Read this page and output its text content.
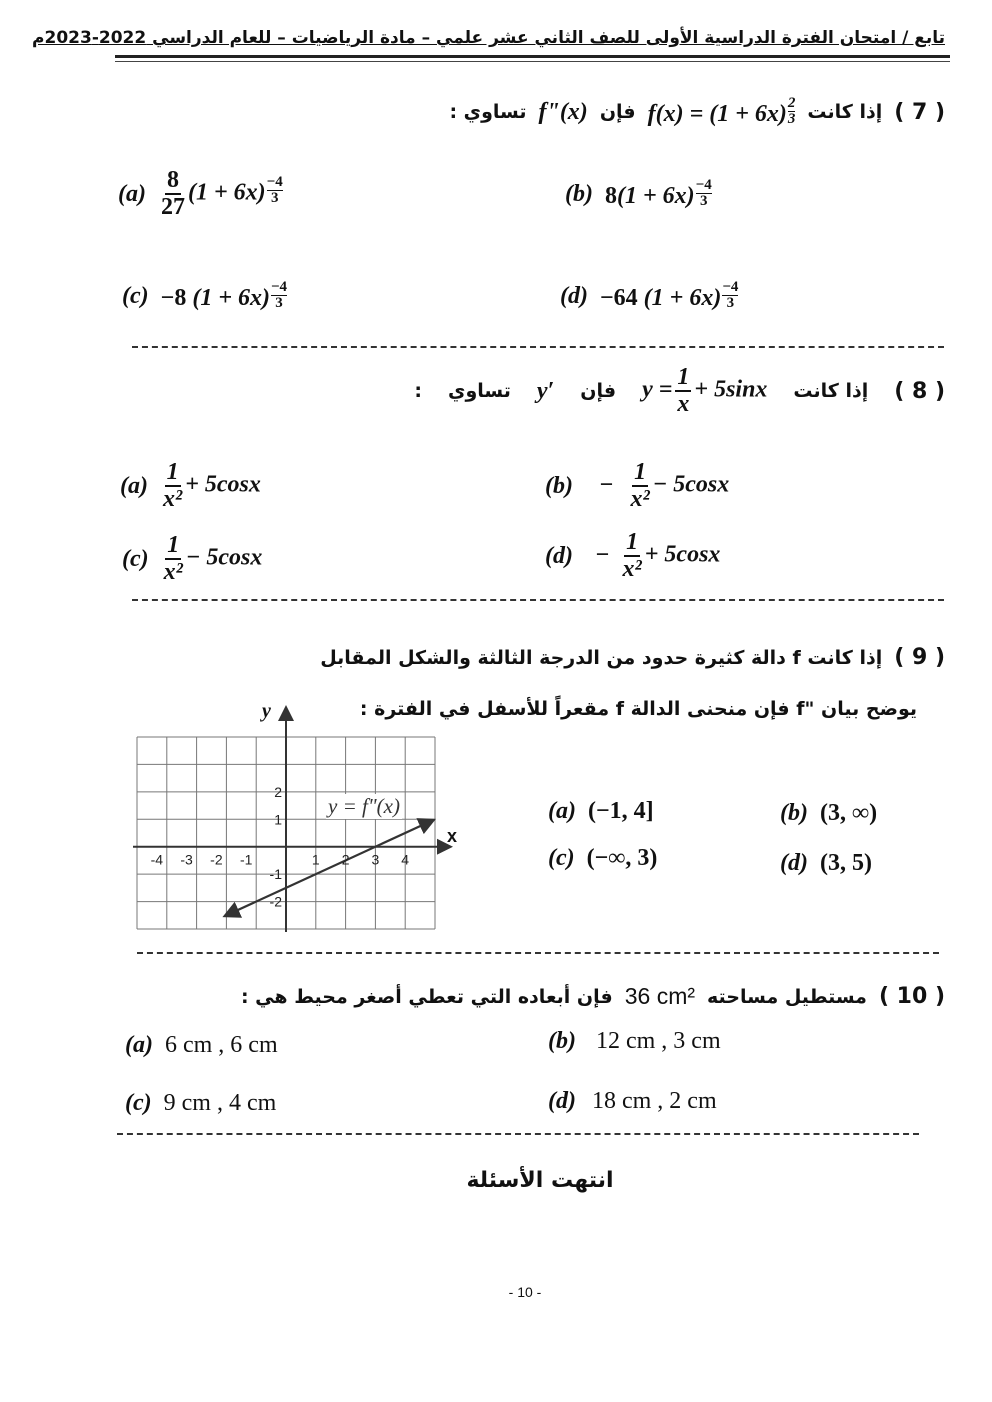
تابع / امتحان الفترة الدراسية الأولى للصف الثاني عشر علمي – مادة الرياضيات – للعام الدراسي 2022-2023م
( 7 )
إذا كانت
$f(x) = (1 + 6x) \frac{2}{3}$
فإن
f"(x)
تساوي :
$(a) \frac{8}{27} (1 + 6x) \frac{-4}{3}$	(b) $8(1 + 6x) \frac{-4}{3}$
(c) −8 $(1 + 6x) \frac{-4}{3}$	(d) −64 $(1 + 6x) \frac{-4}{3}$
( 8 )
إذا كانت
$y = \frac{1}{x} + 5\sin x$
فإن
y′
تساوي
:
$(a) \frac{1}{\text{x²}} + 5\cos x$	(b)	− $\frac{1}{\text{x²}} - 5\cos x$
$(c) \frac{1}{\text{x²}} - 5\cos x$	$(d) - \frac{1}{\text{x²}} + 5\cos x$
( 9 )
إذا كانت f دالة كثيرة حدود من الدرجة الثالثة والشكل المقابل
يوضح بيان "f فإن منحنى الدالة f مقعراً للأسفل في الفترة :
-4 -3 -2 -1	1 2 3 4
2
1
-1
-2
y
x
y = f"(x)	(a) (−1, 4]	(b) (3, ∞)
(c) (−∞, 3)	(d) (3, 5)
( 10 )
مستطيل مساحته
36 cm²
فإن أبعاده التي تعطي أصغر محيط هي :
(a) 6 cm , 6 cm	(b) 12 cm , 3 cm
(c) 9 cm , 4 cm	(d) 18 cm , 2 cm
انتهت الأسئلة
- 10 -
